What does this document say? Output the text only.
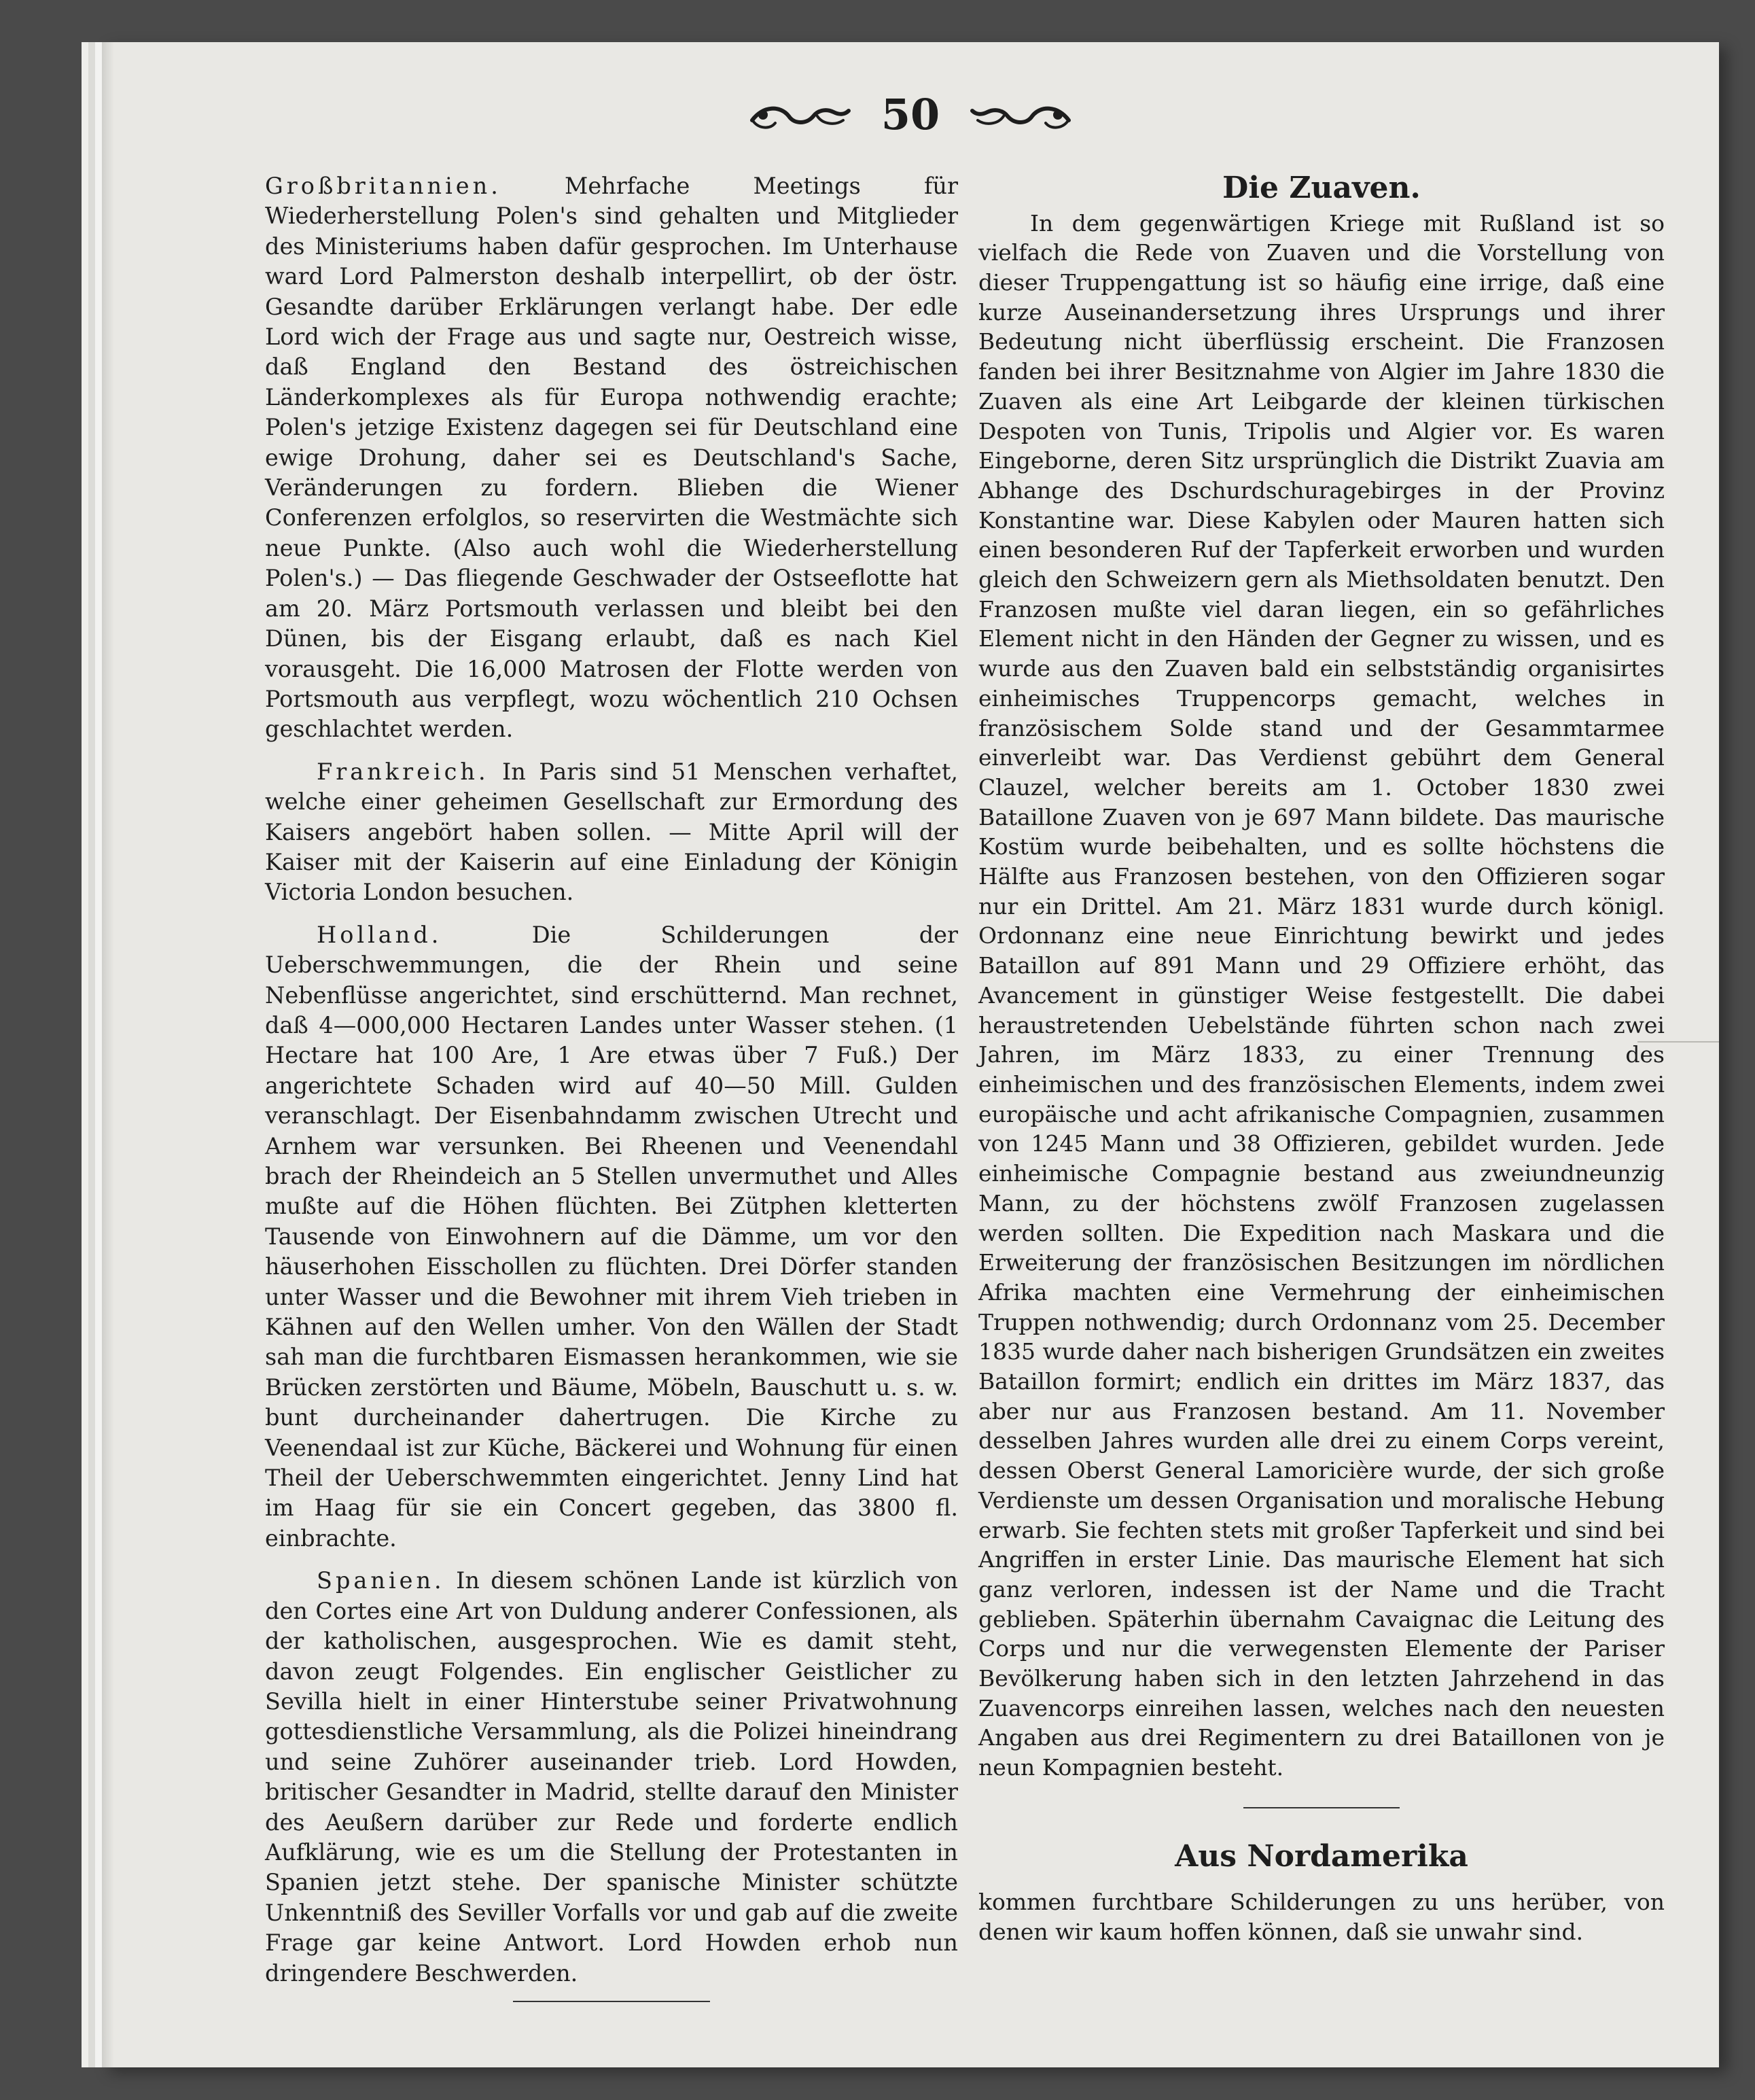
50

Großbritannien.	Mehrfache Meetings für Wiederherstellung Polen's sind gehalten und Mitglieder des Ministeriums haben dafür gesprochen. Im Unterhause ward Lord Palmerston deshalb interpellirt, ob der östr. Gesandte darüber Erklärungen verlangt habe. Der edle Lord wich der Frage aus und sagte nur, Oestreich wisse, daß England den Bestand des östreichischen Länderkomplexes als für Europa nothwendig erachte; Polen's jetzige Existenz dagegen sei für Deutschland eine ewige Drohung, daher sei es Deutschland's Sache, Veränderungen zu fordern. Blieben die Wiener Conferenzen erfolglos, so reservirten die Westmächte sich neue Punkte. (Also auch wohl die Wiederherstellung Polen's.) — Das fliegende Geschwader der Ostseeflotte hat am 20. März Portsmouth verlassen und bleibt bei den Dünen, bis der Eisgang erlaubt, daß es nach Kiel vorausgeht. Die 16,000 Matrosen der Flotte werden von Portsmouth aus verpflegt, wozu wöchentlich 210 Ochsen geschlachtet werden.

Frankreich. In Paris sind 51 Menschen verhaftet, welche einer geheimen Gesellschaft zur Ermordung des Kaisers angebört haben sollen. — Mitte April will der Kaiser mit der Kaiserin auf eine Einladung der Königin Victoria London besuchen.

Holland.	Die Schilderungen der Ueberschwemmungen, die der Rhein und seine Nebenflüsse angerichtet, sind erschütternd. Man rechnet, daß 4—000,000 Hectaren Landes unter Wasser stehen. (1 Hectare hat 100 Are, 1 Are etwas über 7 Fuß.) Der angerichtete Schaden wird auf 40—50 Mill. Gulden veranschlagt. Der Eisenbahndamm zwischen Utrecht und Arnhem war versunken. Bei Rheenen und Veenendahl brach der Rheindeich an 5 Stellen unvermuthet und Alles mußte auf die Höhen flüchten. Bei Zütphen kletterten Tausende von Einwohnern auf die Dämme, um vor den häuserhohen Eisschollen zu flüchten. Drei Dörfer standen unter Wasser und die Bewohner mit ihrem Vieh trieben in Kähnen auf den Wellen umher. Von den Wällen der Stadt sah man die furchtbaren Eismassen herankommen, wie sie Brücken zerstörten und Bäume, Möbeln, Bauschutt u. s. w. bunt durcheinander dahertrugen. Die Kirche zu Veenendaal ist zur Küche, Bäckerei und Wohnung für einen Theil der Ueberschwemmten eingerichtet. Jenny Lind hat im Haag für sie ein Concert gegeben, das 3800 fl. einbrachte.

Spanien. In diesem schönen Lande ist kürzlich von den Cortes eine Art von Duldung anderer Confessionen, als der katholischen, ausgesprochen. Wie es damit steht, davon zeugt Folgendes. Ein englischer Geistlicher zu Sevilla hielt in einer Hinterstube seiner Privatwohnung gottesdienstliche Versammlung, als die Polizei hineindrang und seine Zuhörer auseinander trieb. Lord Howden, britischer Gesandter in Madrid, stellte darauf den Minister des Aeußern darüber zur Rede und forderte endlich Aufklärung, wie es um die Stellung der Protestanten in Spanien jetzt stehe. Der spanische Minister schützte Unkenntniß des Seviller Vorfalls vor und gab auf die zweite Frage gar keine Antwort. Lord Howden erhob nun dringendere Beschwerden.

Die Zuaven.

In dem gegenwärtigen Kriege mit Rußland ist so vielfach die Rede von Zuaven und die Vorstellung von dieser Truppengattung ist so häufig eine irrige, daß eine kurze Auseinandersetzung ihres Ursprungs und ihrer Bedeutung nicht überflüssig erscheint. Die Franzosen fanden bei ihrer Besitznahme von Algier im Jahre 1830 die Zuaven als eine Art Leibgarde der kleinen türkischen Despoten von Tunis, Tripolis und Algier vor. Es waren Eingeborne, deren Sitz ursprünglich die Distrikt Zuavia am Abhange des Dschurdschuragebirges in der Provinz Konstantine war. Diese Kabylen oder Mauren hatten sich einen besonderen Ruf der Tapferkeit erworben und wurden gleich den Schweizern gern als Miethsoldaten benutzt. Den Franzosen mußte viel daran liegen, ein so gefährliches Element nicht in den Händen der Gegner zu wissen, und es wurde aus den Zuaven bald ein selbstständig organisirtes einheimisches Truppencorps gemacht, welches in französischem Solde stand und der Gesammtarmee einverleibt war. Das Verdienst gebührt dem General Clauzel, welcher bereits am 1. October 1830 zwei Bataillone Zuaven von je 697 Mann bildete. Das maurische Kostüm wurde beibehalten, und es sollte höchstens die Hälfte aus Franzosen bestehen, von den Offizieren sogar nur ein Drittel. Am 21. März 1831 wurde durch königl. Ordonnanz eine neue Einrichtung bewirkt und jedes Bataillon auf 891 Mann und 29 Offiziere erhöht, das Avancement in günstiger Weise festgestellt. Die dabei heraustretenden Uebelstände führten schon nach zwei Jahren, im März 1833, zu einer Trennung des einheimischen und des französischen Elements, indem zwei europäische und acht afrikanische Compagnien, zusammen von 1245 Mann und 38 Offizieren, gebildet wurden. Jede einheimische Compagnie bestand aus zweiundneunzig Mann, zu der höchstens zwölf Franzosen zugelassen werden sollten. Die Expedition nach Maskara und die Erweiterung der französischen Besitzungen im nördlichen Afrika machten eine Vermehrung der einheimischen Truppen nothwendig; durch Ordonnanz vom 25. December 1835 wurde daher nach bisherigen Grundsätzen ein zweites Bataillon formirt; endlich ein drittes im März 1837, das aber nur aus Franzosen bestand. Am 11. November desselben Jahres wurden alle drei zu einem Corps vereint, dessen Oberst General Lamoricière wurde, der sich große Verdienste um dessen Organisation und moralische Hebung erwarb. Sie fechten stets mit großer Tapferkeit und sind bei Angriffen in erster Linie. Das maurische Element hat sich ganz verloren, indessen ist der Name und die Tracht geblieben. Späterhin übernahm Cavaignac die Leitung des Corps und nur die verwegensten Elemente der Pariser Bevölkerung haben sich in den letzten Jahrzehend in das Zuavencorps einreihen lassen, welches nach den neuesten Angaben aus drei Regimentern zu drei Bataillonen von je neun Kompagnien besteht.

Aus Nordamerika

kommen furchtbare Schilderungen zu uns herüber, von denen wir kaum hoffen können, daß sie unwahr sind.
